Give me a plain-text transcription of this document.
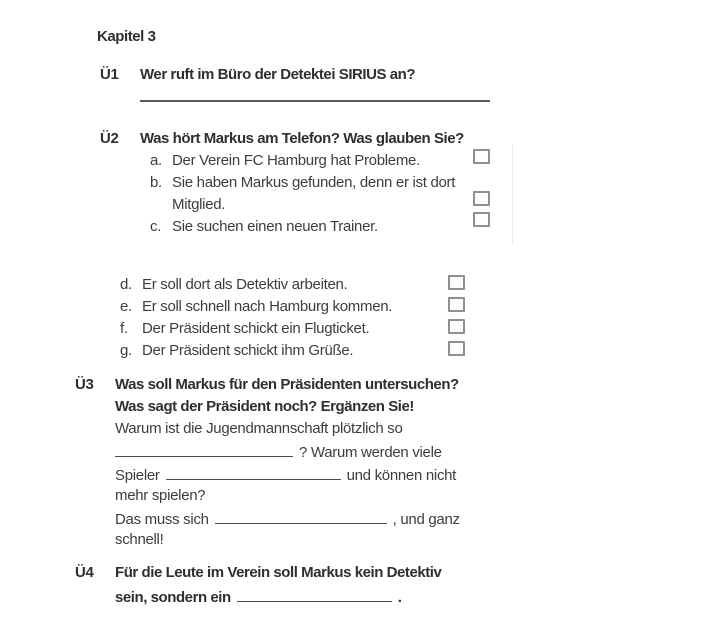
Kapitel 3
Ü1 Wer ruft im Büro der Detektei SIRIUS an?
Ü2 Was hört Markus am Telefon? Was glauben Sie?
a. Der Verein FC Hamburg hat Probleme.
b. Sie haben Markus gefunden, denn er ist dort
Mitglied.
c. Sie suchen einen neuen Trainer.
d. Er soll dort als Detektiv arbeiten.
e. Er soll schnell nach Hamburg kommen.
f. Der Präsident schickt ein Flugticket.
g. Der Präsident schickt ihm Grüße.
Ü3 Was soll Markus für den Präsidenten untersuchen?
Was sagt der Präsident noch? Ergänzen Sie!
Warum ist die Jugendmannschaft plötzlich so
? Warum werden viele
Spieler	und können nicht
mehr spielen?
Das muss sich	, und ganz
schnell!
Ü4 Für die Leute im Verein soll Markus kein Detektiv
sein, sondern ein	.
